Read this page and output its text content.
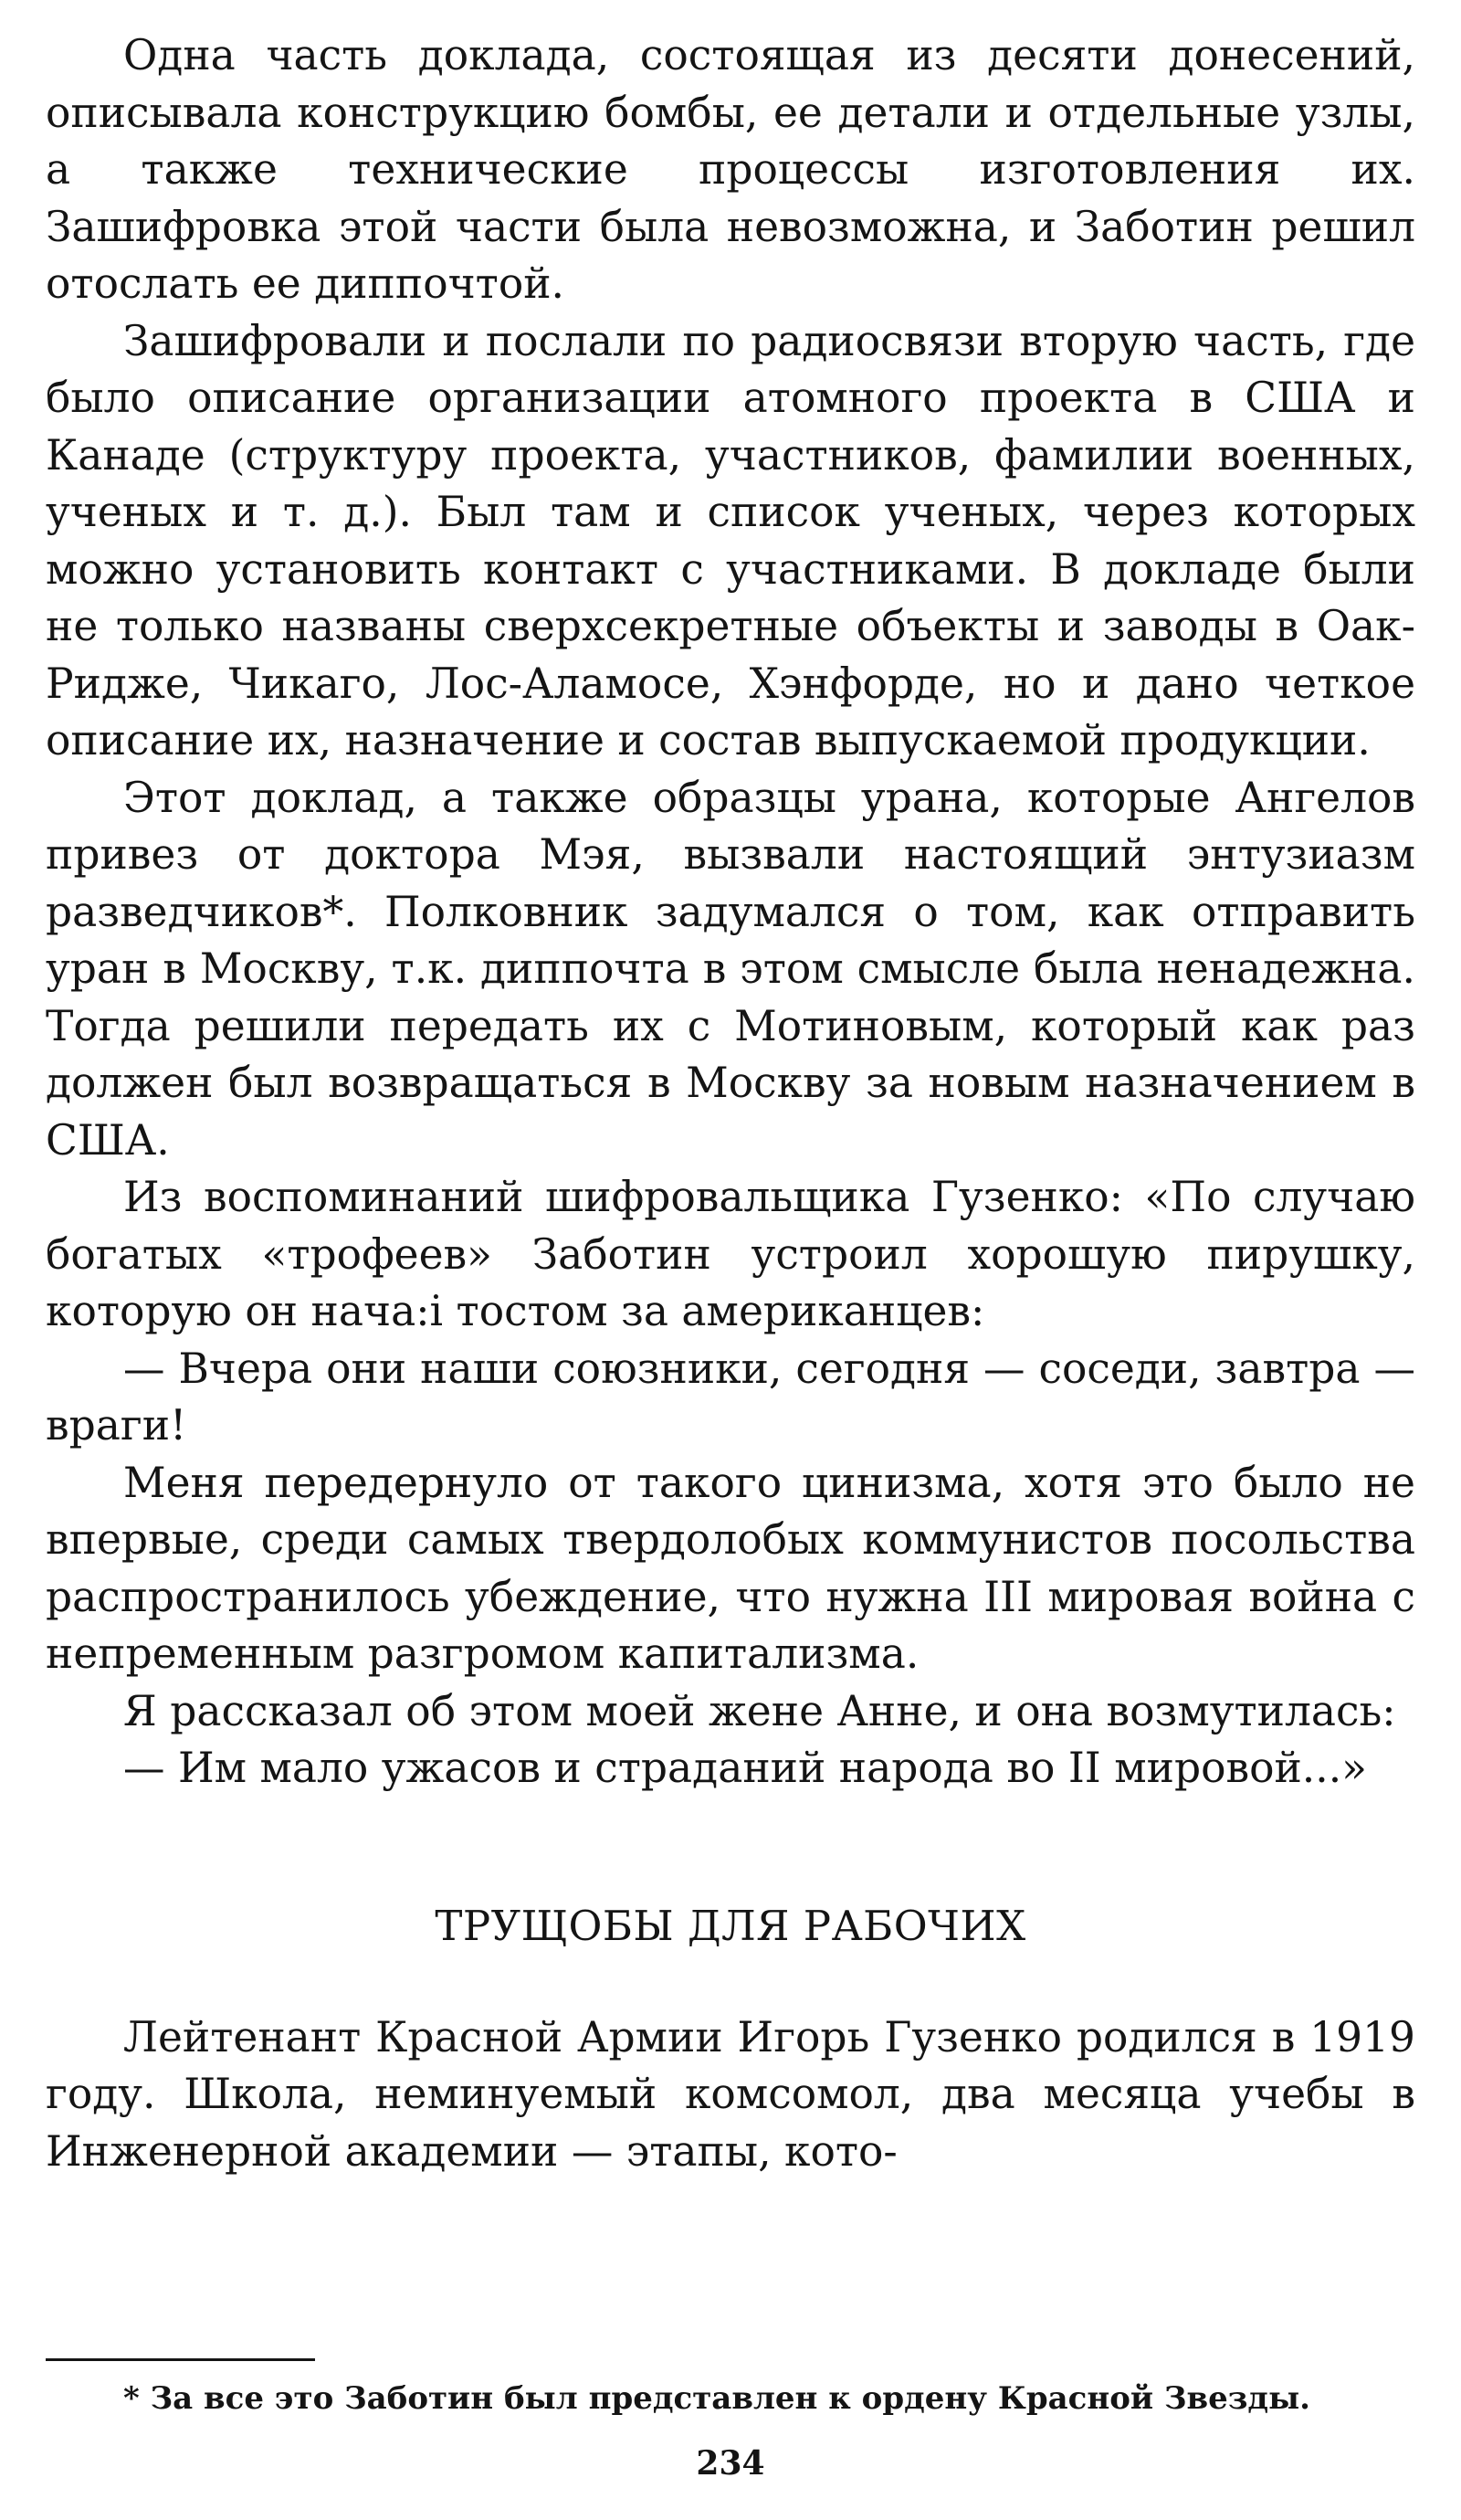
Одна часть доклада, состоящая из десяти донесений, описывала конструкцию бомбы, ее детали и отдельные узлы, а также технические процессы изготовления их. Зашифровка этой части была невозможна, и Заботин решил отослать ее диппочтой.

Зашифровали и послали по радиосвязи вторую часть, где было описание организации атомного проекта в США и Канаде (структуру проекта, участников, фамилии военных, ученых и т. д.). Был там и список ученых, через которых можно установить контакт с участниками. В докладе были не только названы сверхсекретные объекты и заводы в Оак-Ридже, Чикаго, Лос-Аламосе, Хэнфорде, но и дано четкое описание их, назначение и состав выпускаемой продукции.

Этот доклад, а также образцы урана, которые Ангелов привез от доктора Мэя, вызвали настоящий энтузиазм разведчиков*. Полковник задумался о том, как отправить уран в Москву, т.к. диппочта в этом смысле была ненадежна. Тогда решили передать их с Мотиновым, который как раз должен был возвращаться в Москву за новым назначением в США.

Из воспоминаний шифровальщика Гузенко: «По случаю богатых «трофеев» Заботин устроил хорошую пирушку, которую он нача:і тостом за американцев:

— Вчера они наши союзники, сегодня — соседи, завтра — враги!

Меня передернуло от такого цинизма, хотя это было не впервые, среди самых твердолобых коммунистов посольства распространилось убеждение, что нужна III мировая война с непременным разгромом капитализма.

Я рассказал об этом моей жене Анне, и она возмутилась:

— Им мало ужасов и страданий народа во II мировой...»

ТРУЩОБЫ ДЛЯ РАБОЧИХ

Лейтенант Красной Армии Игорь Гузенко родился в 1919 году. Школа, неминуемый комсомол, два месяца учебы в Инженерной академии — этапы, кото-

* За все это Заботин был представлен к ордену Красной Звезды.

234
